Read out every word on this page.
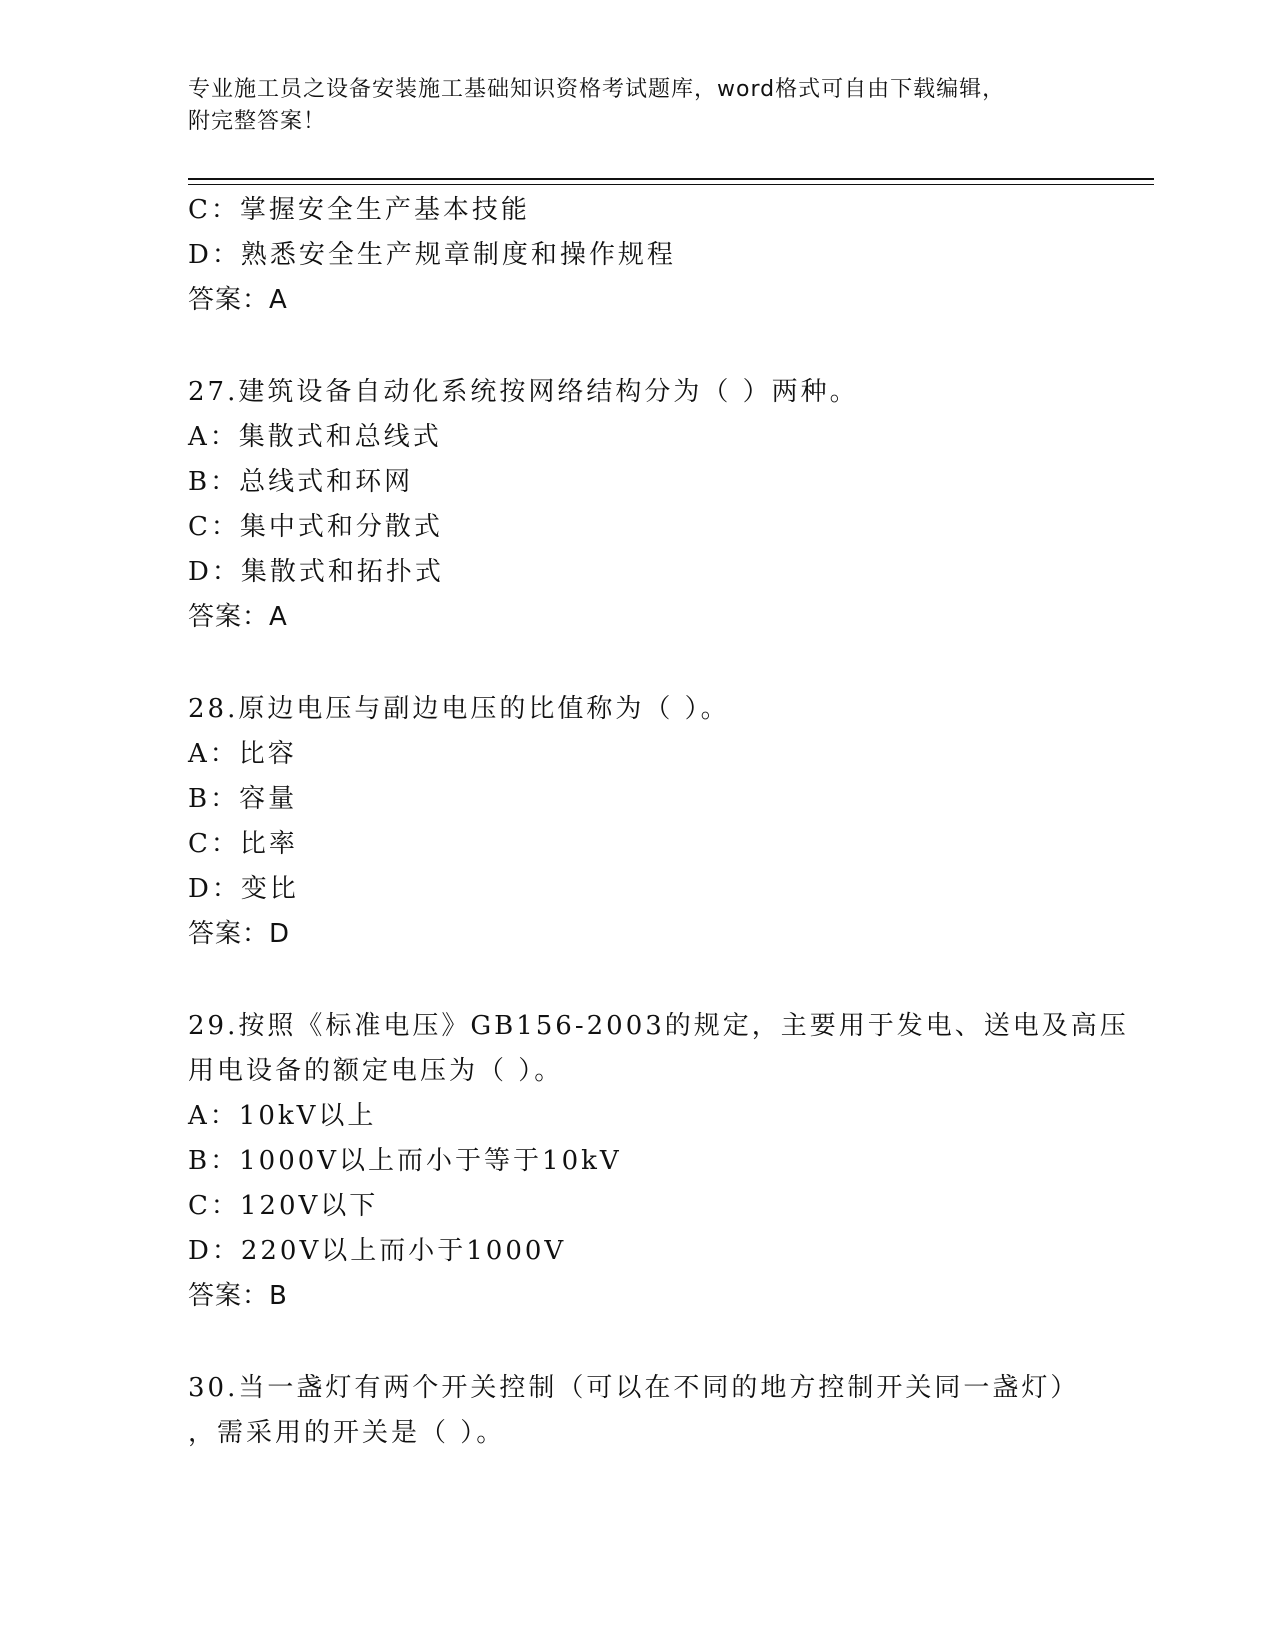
专业施工员之设备安装施工基础知识资格考试题库，word格式可自由下载编辑，
附完整答案！
C：掌握安全生产基本技能
D：熟悉安全生产规章制度和操作规程
答案：A
27.建筑设备自动化系统按网络结构分为（ ）两种。
A：集散式和总线式
B：总线式和环网
C：集中式和分散式
D：集散式和拓扑式
答案：A
28.原边电压与副边电压的比值称为（ ）。
A：比容
B：容量
C：比率
D：变比
答案：D
29.按照《标准电压》GB156-2003的规定，主要用于发电、送电及高压
用电设备的额定电压为（ ）。
A：10kV以上
B：1000V以上而小于等于10kV
C：120V以下
D：220V以上而小于1000V
答案：B
30.当一盏灯有两个开关控制（可以在不同的地方控制开关同一盏灯）
，需采用的开关是（ ）。
